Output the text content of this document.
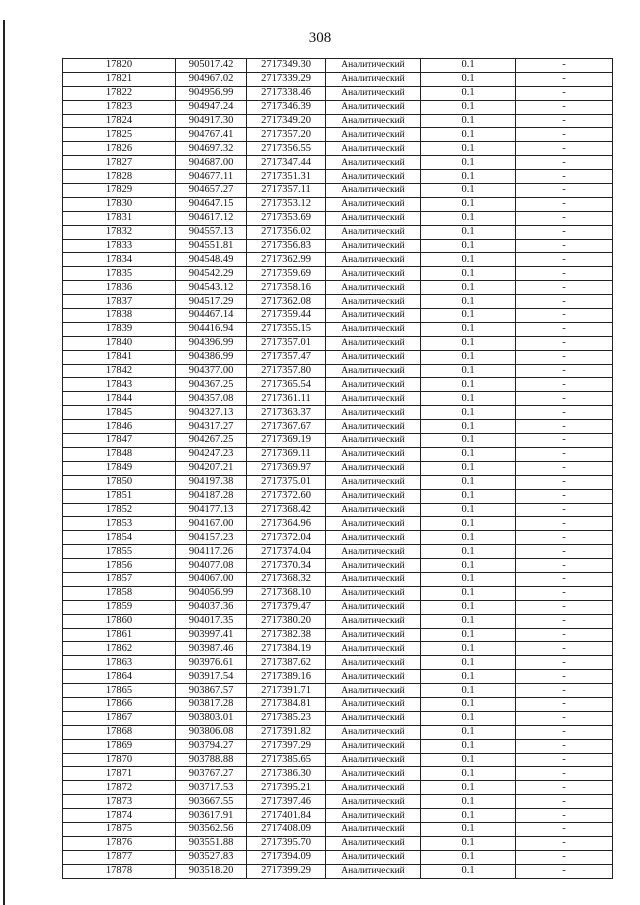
308
17820	905017.42	2717349.30	Аналитический	0.1	-
17821	904967.02	2717339.29	Аналитический	0.1	-
17822	904956.99	2717338.46	Аналитический	0.1	-
17823	904947.24	2717346.39	Аналитический	0.1	-
17824	904917.30	2717349.20	Аналитический	0.1	-
17825	904767.41	2717357.20	Аналитический	0.1	-
17826	904697.32	2717356.55	Аналитический	0.1	-
17827	904687.00	2717347.44	Аналитический	0.1	-
17828	904677.11	2717351.31	Аналитический	0.1	-
17829	904657.27	2717357.11	Аналитический	0.1	-
17830	904647.15	2717353.12	Аналитический	0.1	-
17831	904617.12	2717353.69	Аналитический	0.1	-
17832	904557.13	2717356.02	Аналитический	0.1	-
17833	904551.81	2717356.83	Аналитический	0.1	-
17834	904548.49	2717362.99	Аналитический	0.1	-
17835	904542.29	2717359.69	Аналитический	0.1	-
17836	904543.12	2717358.16	Аналитический	0.1	-
17837	904517.29	2717362.08	Аналитический	0.1	-
17838	904467.14	2717359.44	Аналитический	0.1	-
17839	904416.94	2717355.15	Аналитический	0.1	-
17840	904396.99	2717357.01	Аналитический	0.1	-
17841	904386.99	2717357.47	Аналитический	0.1	-
17842	904377.00	2717357.80	Аналитический	0.1	-
17843	904367.25	2717365.54	Аналитический	0.1	-
17844	904357.08	2717361.11	Аналитический	0.1	-
17845	904327.13	2717363.37	Аналитический	0.1	-
17846	904317.27	2717367.67	Аналитический	0.1	-
17847	904267.25	2717369.19	Аналитический	0.1	-
17848	904247.23	2717369.11	Аналитический	0.1	-
17849	904207.21	2717369.97	Аналитический	0.1	-
17850	904197.38	2717375.01	Аналитический	0.1	-
17851	904187.28	2717372.60	Аналитический	0.1	-
17852	904177.13	2717368.42	Аналитический	0.1	-
17853	904167.00	2717364.96	Аналитический	0.1	-
17854	904157.23	2717372.04	Аналитический	0.1	-
17855	904117.26	2717374.04	Аналитический	0.1	-
17856	904077.08	2717370.34	Аналитический	0.1	-
17857	904067.00	2717368.32	Аналитический	0.1	-
17858	904056.99	2717368.10	Аналитический	0.1	-
17859	904037.36	2717379.47	Аналитический	0.1	-
17860	904017.35	2717380.20	Аналитический	0.1	-
17861	903997.41	2717382.38	Аналитический	0.1	-
17862	903987.46	2717384.19	Аналитический	0.1	-
17863	903976.61	2717387.62	Аналитический	0.1	-
17864	903917.54	2717389.16	Аналитический	0.1	-
17865	903867.57	2717391.71	Аналитический	0.1	-
17866	903817.28	2717384.81	Аналитический	0.1	-
17867	903803.01	2717385.23	Аналитический	0.1	-
17868	903806.08	2717391.82	Аналитический	0.1	-
17869	903794.27	2717397.29	Аналитический	0.1	-
17870	903788.88	2717385.65	Аналитический	0.1	-
17871	903767.27	2717386.30	Аналитический	0.1	-
17872	903717.53	2717395.21	Аналитический	0.1	-
17873	903667.55	2717397.46	Аналитический	0.1	-
17874	903617.91	2717401.84	Аналитический	0.1	-
17875	903562.56	2717408.09	Аналитический	0.1	-
17876	903551.88	2717395.70	Аналитический	0.1	-
17877	903527.83	2717394.09	Аналитический	0.1	-
17878	903518.20	2717399.29	Аналитический	0.1	-
